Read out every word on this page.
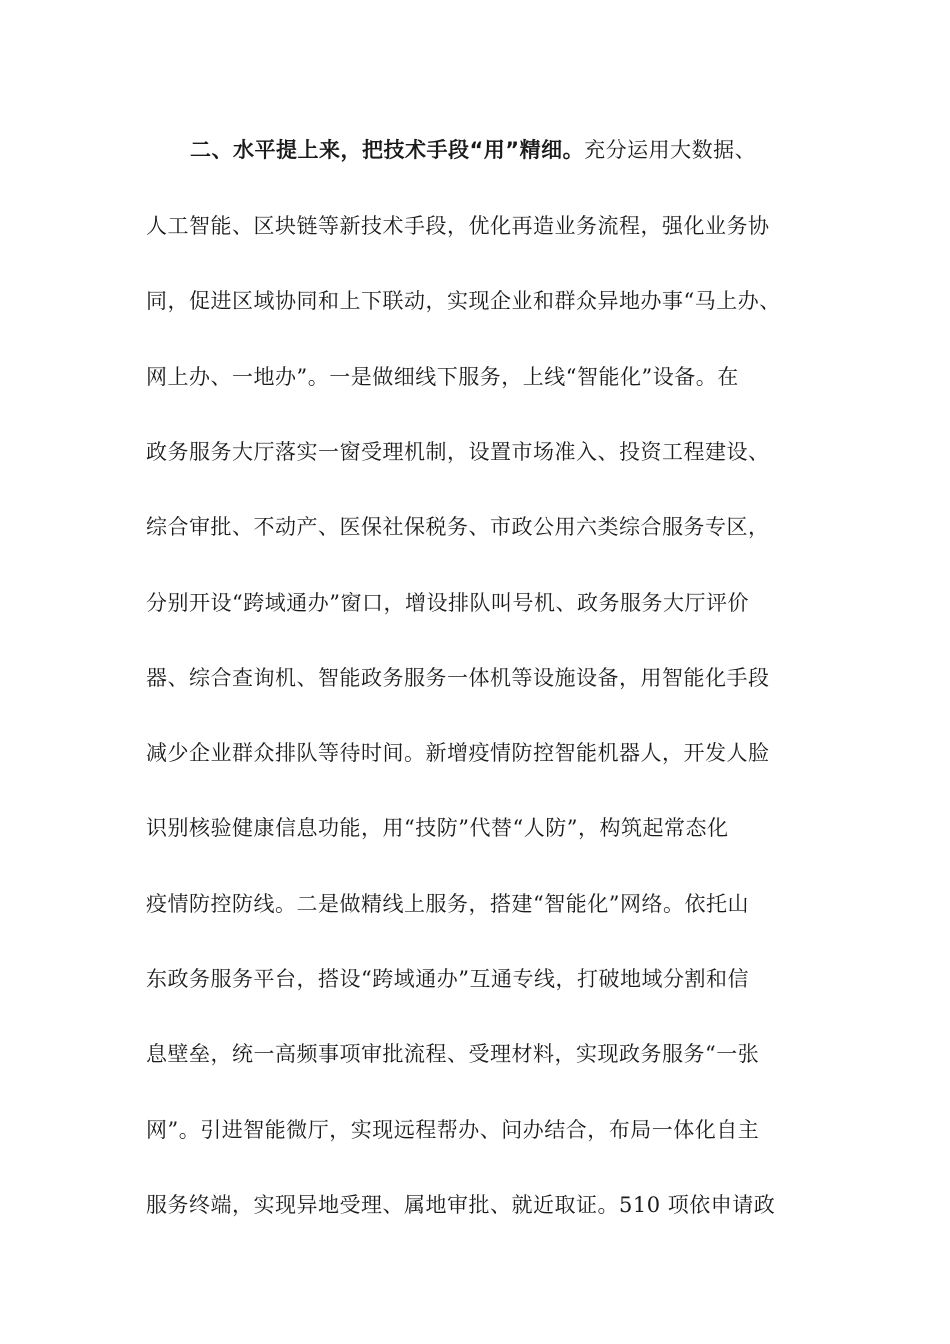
二、水平提上来，把技术手段“用”精细。充分运用大数据、
人工智能、区块链等新技术手段，优化再造业务流程，强化业务协
同，促进区域协同和上下联动，实现企业和群众异地办事“马上办、
网上办、一地办”。一是做细线下服务，上线“智能化”设备。在
政务服务大厅落实一窗受理机制，设置市场准入、投资工程建设、
综合审批、不动产、医保社保税务、市政公用六类综合服务专区，
分别开设“跨域通办”窗口，增设排队叫号机、政务服务大厅评价
器、综合查询机、智能政务服务一体机等设施设备，用智能化手段
减少企业群众排队等待时间。新增疫情防控智能机器人，开发人脸
识别核验健康信息功能，用“技防”代替“人防”，构筑起常态化
疫情防控防线。二是做精线上服务，搭建“智能化”网络。依托山
东政务服务平台，搭设“跨域通办”互通专线，打破地域分割和信
息壁垒，统一高频事项审批流程、受理材料，实现政务服务“一张
网”。引进智能微厅，实现远程帮办、问办结合，布局一体化自主
服务终端，实现异地受理、属地审批、就近取证。510 项依申请政
